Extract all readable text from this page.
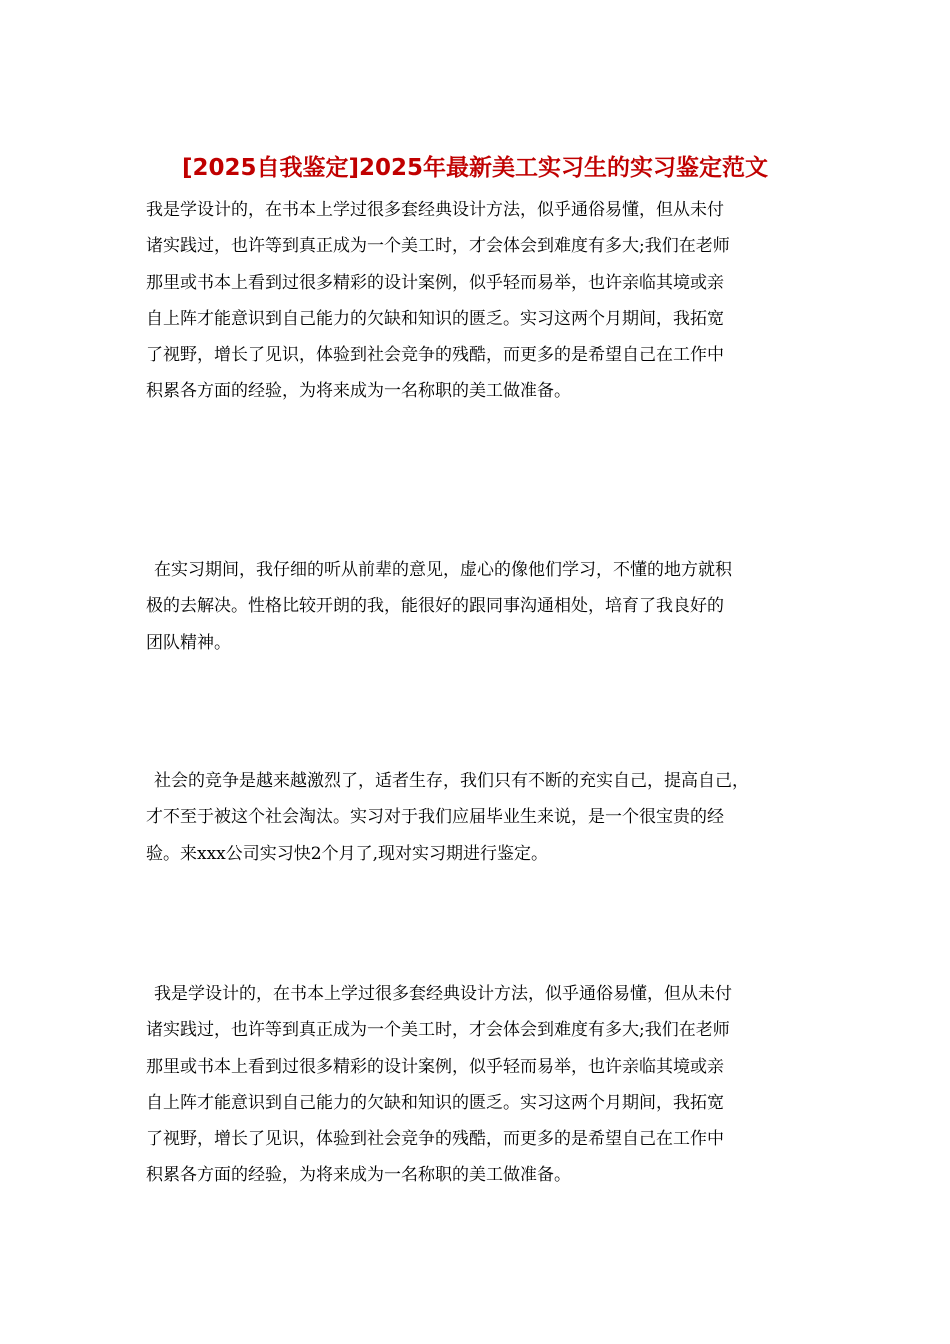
[2025自我鉴定]2025年最新美工实习生的实习鉴定范文
我是学设计的，在书本上学过很多套经典设计方法，似乎通俗易懂，但从未付
诸实践过，也许等到真正成为一个美工时，才会体会到难度有多大;我们在老师
那里或书本上看到过很多精彩的设计案例，似乎轻而易举，也许亲临其境或亲
自上阵才能意识到自己能力的欠缺和知识的匮乏。实习这两个月期间，我拓宽
了视野，增长了见识，体验到社会竞争的残酷，而更多的是希望自己在工作中
积累各方面的经验，为将来成为一名称职的美工做准备。
在实习期间，我仔细的听从前辈的意见，虚心的像他们学习，不懂的地方就积
极的去解决。性格比较开朗的我，能很好的跟同事沟通相处，培育了我良好的
团队精神。
社会的竞争是越来越激烈了，适者生存，我们只有不断的充实自己，提高自己，
才不至于被这个社会淘汰。实习对于我们应届毕业生来说，是一个很宝贵的经
验。来xxx公司实习快2个月了,现对实习期进行鉴定。
我是学设计的，在书本上学过很多套经典设计方法，似乎通俗易懂，但从未付
诸实践过，也许等到真正成为一个美工时，才会体会到难度有多大;我们在老师
那里或书本上看到过很多精彩的设计案例，似乎轻而易举，也许亲临其境或亲
自上阵才能意识到自己能力的欠缺和知识的匮乏。实习这两个月期间，我拓宽
了视野，增长了见识，体验到社会竞争的残酷，而更多的是希望自己在工作中
积累各方面的经验，为将来成为一名称职的美工做准备。
